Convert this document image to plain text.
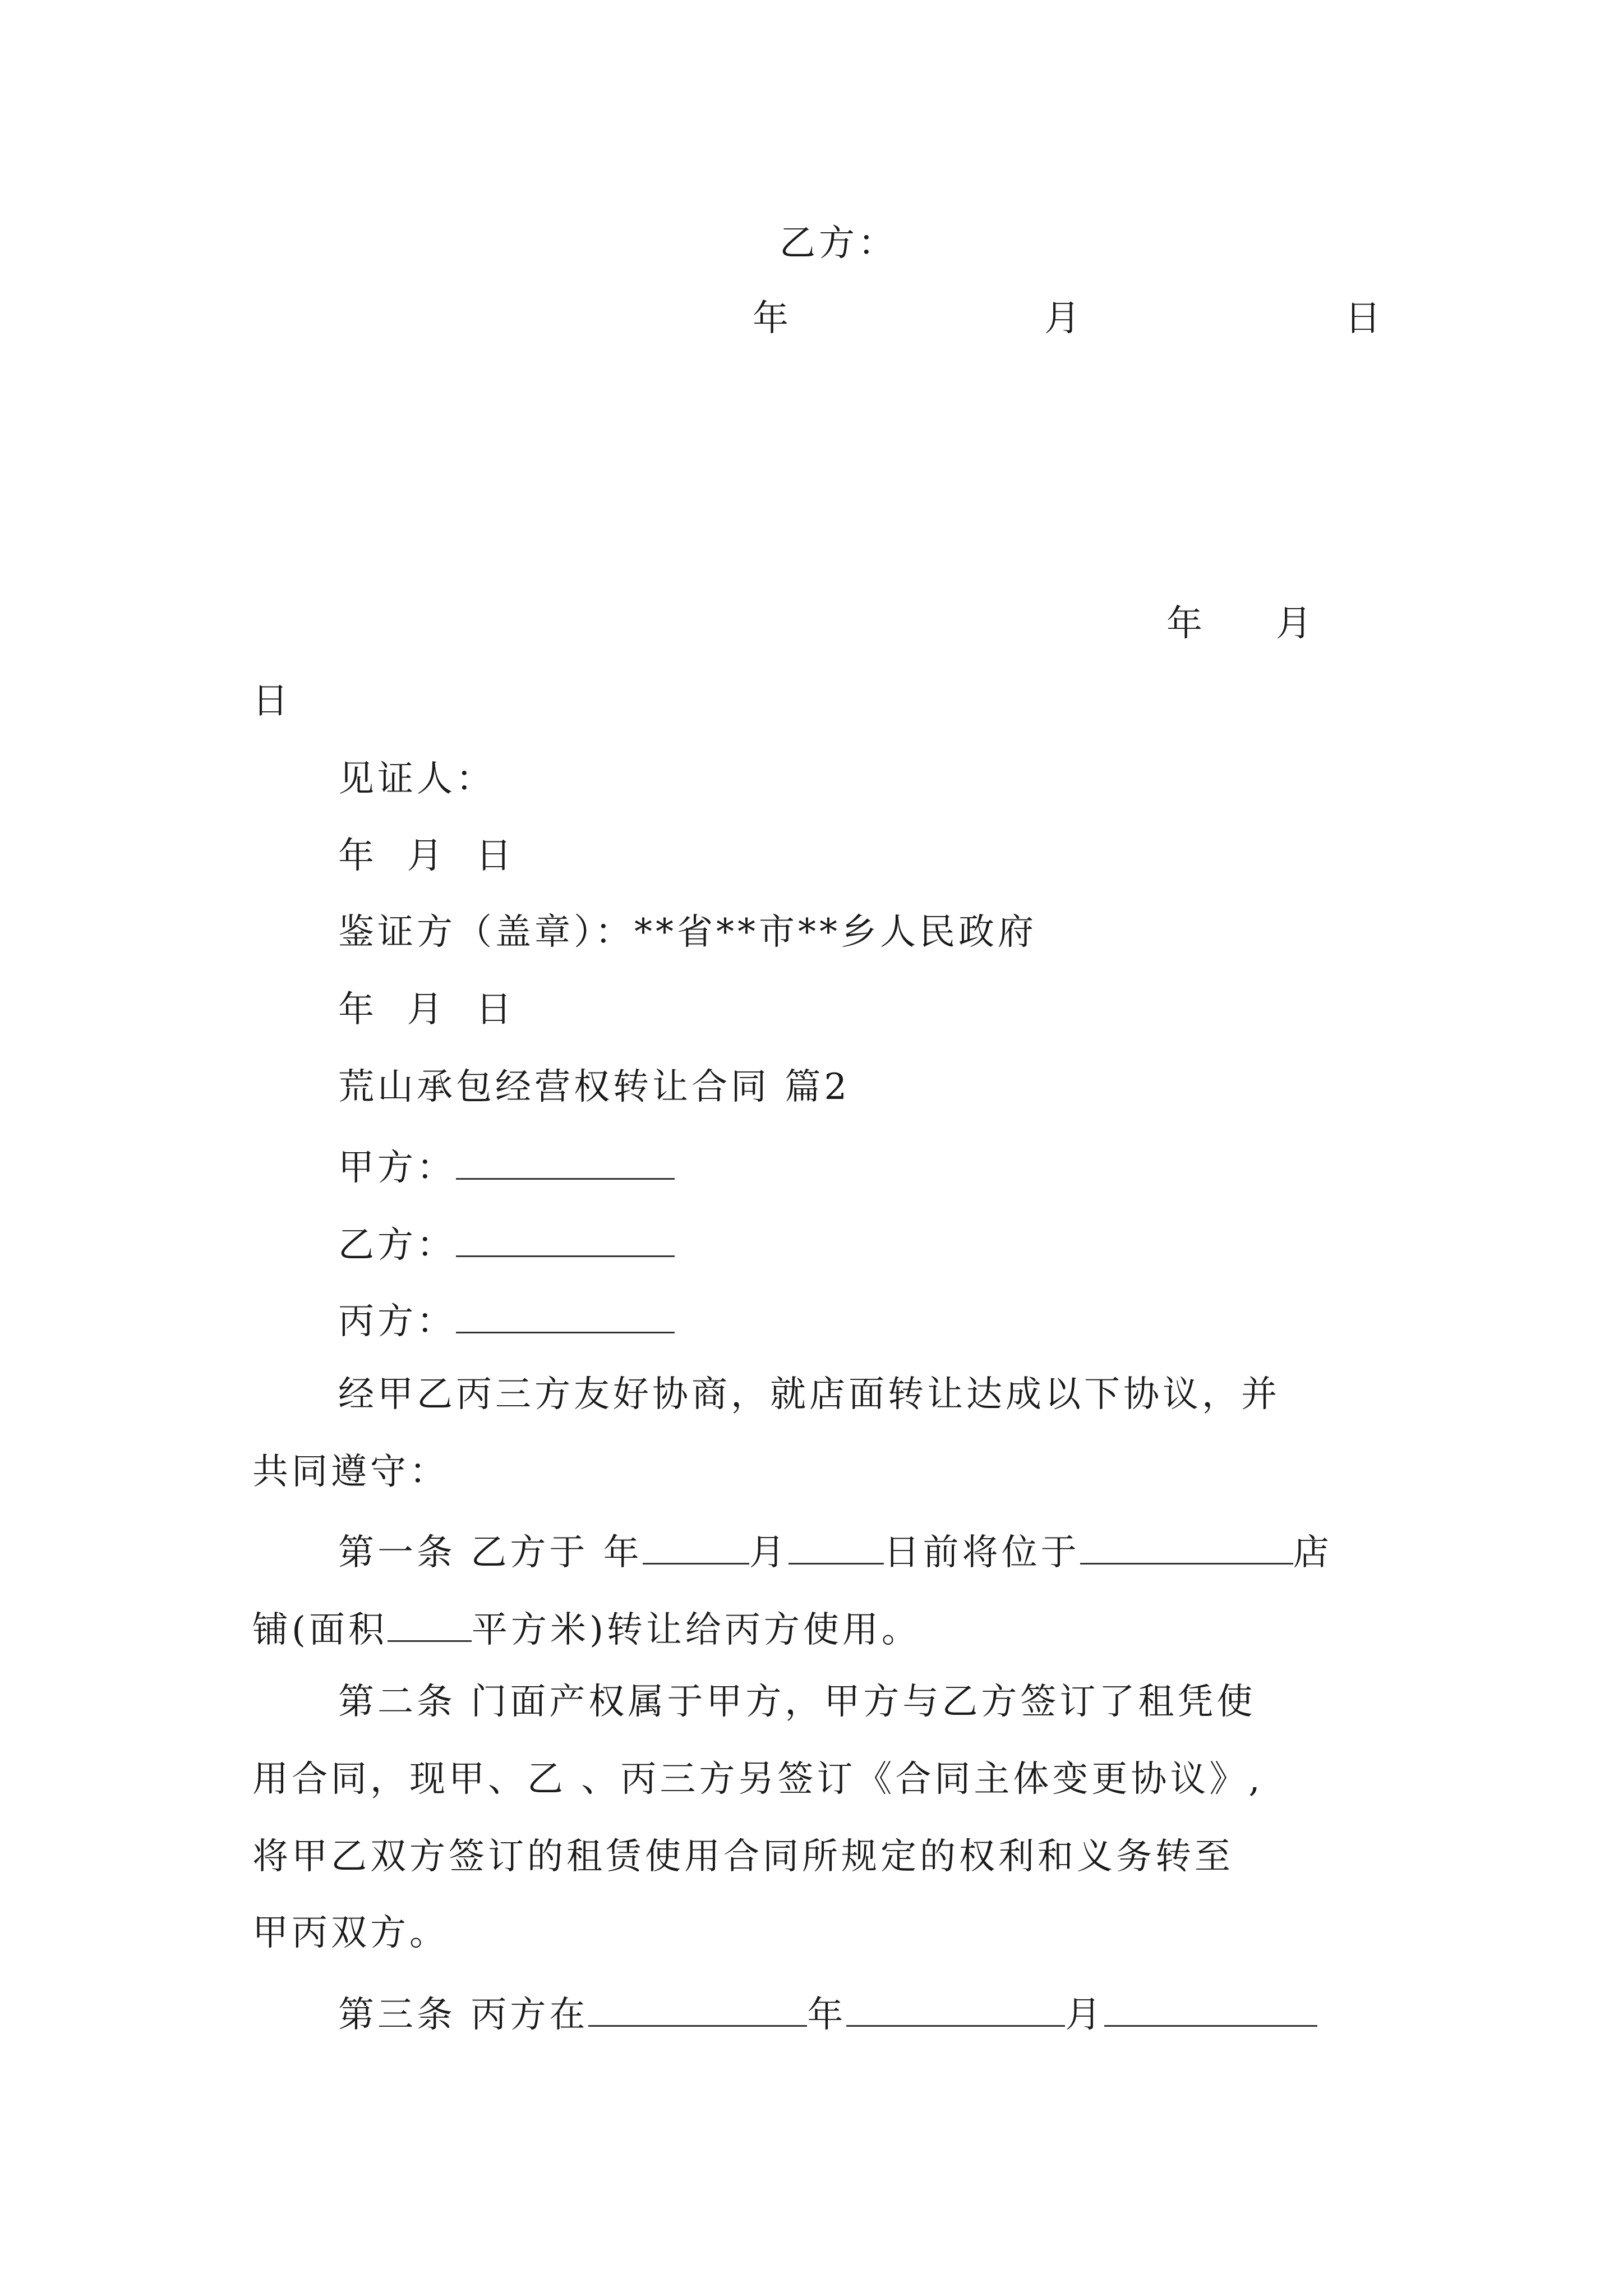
乙方：
年	月	日
年 月
日
见证人：
年  月  日
鉴证方（盖章）：**省**市**乡人民政府
年  月  日
荒山承包经营权转让合同 篇2
甲方：
乙方：
丙方：
经甲乙丙三方友好协商，就店面转让达成以下协议，并
共同遵守：
第一条 乙方于 年	月	日前将位于	店
铺(面积 平方米)转让给丙方使用。
第二条 门面产权属于甲方，甲方与乙方签订了租凭使
用合同，现甲、乙 、丙三方另签订《合同主体变更协议》,
将甲乙双方签订的租赁使用合同所规定的权利和义务转至
甲丙双方。
第三条 丙方在	年	月
